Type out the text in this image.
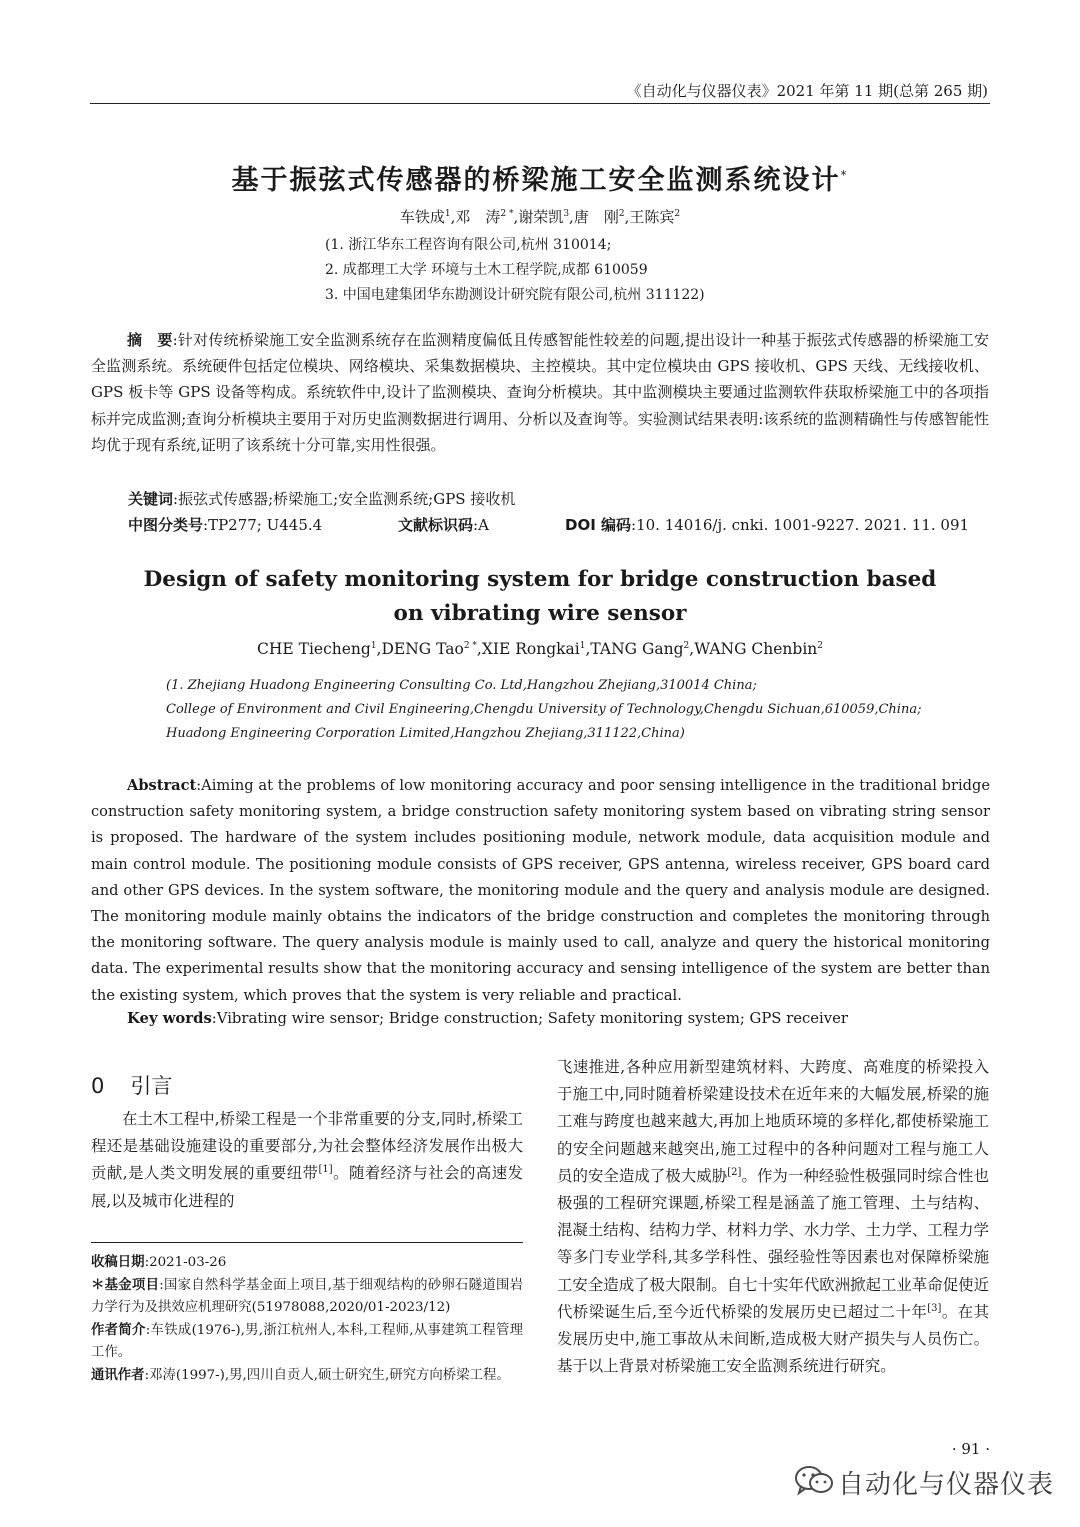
《自动化与仪器仪表》2021 年第 11 期(总第 265 期)
基于振弦式传感器的桥梁施工安全监测系统设计*
车铁成$^1$,邓　涛$^{2 *}$,谢荣凯$^3$,唐　刚$^2$,王陈宾$^2$
(1. 浙江华东工程咨询有限公司,杭州 310014;
2. 成都理工大学 环境与土木工程学院,成都 610059
3. 中国电建集团华东勘测设计研究院有限公司,杭州 311122)
摘　要:针对传统桥梁施工安全监测系统存在监测精度偏低且传感智能性较差的问题,提出设计一种基于振弦式传感器的桥梁施工安全监测系统。系统硬件包括定位模块、网络模块、采集数据模块、主控模块。其中定位模块由 GPS 接收机、GPS 天线、无线接收机、GPS 板卡等 GPS 设备等构成。系统软件中,设计了监测模块、查询分析模块。其中监测模块主要通过监测软件获取桥梁施工中的各项指标并完成监测;查询分析模块主要用于对历史监测数据进行调用、分析以及查询等。实验测试结果表明:该系统的监测精确性与传感智能性均优于现有系统,证明了该系统十分可靠,实用性很强。
关键词:振弦式传感器;桥梁施工;安全监测系统;GPS 接收机
中图分类号:TP277; U445.4	文献标识码:A	DOI 编码:10. 14016/j. cnki. 1001-9227. 2021. 11. 091
Design of safety monitoring system for bridge construction based
on vibrating wire sensor
CHE Tiecheng$^1$,DENG Tao$^{2 *}$,XIE Rongkai$^1$,TANG Gang$^2$,WANG Chenbin$^2$
(1. Zhejiang Huadong Engineering Consulting Co. Ltd,Hangzhou Zhejiang,310014 China;
College of Environment and Civil Engineering,Chengdu University of Technology,Chengdu Sichuan,610059,China;
Huadong Engineering Corporation Limited,Hangzhou Zhejiang,311122,China)
Abstract:Aiming at the problems of low monitoring accuracy and poor sensing intelligence in the traditional bridge construction safety monitoring system, a bridge construction safety monitoring system based on vibrating string sensor is proposed. The hardware of the system includes positioning module, network module, data acquisition module and main control module. The positioning module consists of GPS receiver, GPS antenna, wireless receiver, GPS board card and other GPS devices. In the system software, the monitoring module and the query and analysis module are designed. The monitoring module mainly obtains the indicators of the bridge construction and completes the monitoring through the monitoring software. The query analysis module is mainly used to call, analyze and query the historical monitoring data. The experimental results show that the monitoring accuracy and sensing intelligence of the system are better than the existing system, which proves that the system is very reliable and practical.
Key words:Vibrating wire sensor; Bridge construction; Safety monitoring system; GPS receiver
0 引言
在土木工程中,桥梁工程是一个非常重要的分支,同时,桥梁工程还是基础设施建设的重要部分,为社会整体经济发展作出极大贡献,是人类文明发展的重要纽带[1]。随着经济与社会的高速发展,以及城市化进程的
飞速推进,各种应用新型建筑材料、大跨度、高难度的桥梁投入于施工中,同时随着桥梁建设技术在近年来的大幅发展,桥梁的施工难与跨度也越来越大,再加上地质环境的多样化,都使桥梁施工的安全问题越来越突出,施工过程中的各种问题对工程与施工人员的安全造成了极大威胁[2]。作为一种经验性极强同时综合性也极强的工程研究课题,桥梁工程是涵盖了施工管理、土与结构、混凝土结构、结构力学、材料力学、水力学、土力学、工程力学等多门专业学科,其多学科性、强经验性等因素也对保障桥梁施工安全造成了极大限制。自七十实年代欧洲掀起工业革命促使近代桥梁诞生后,至今近代桥梁的发展历史已超过二十年[3]。在其发展历史中,施工事故从未间断,造成极大财产损失与人员伤亡。基于以上背景对桥梁施工安全监测系统进行研究。

收稿日期:2021-03-26

＊基金项目:国家自然科学基金面上项目,基于细观结构的砂卵石隧道围岩力学行为及拱效应机理研究(51978088,2020/01-2023/12)

作者简介:车铁成(1976-),男,浙江杭州人,本科,工程师,从事建筑工程管理工作。

通讯作者:邓涛(1997-),男,四川自贡人,硕士研究生,研究方向桥梁工程。

· 91 ·
自动化与仪器仪表
